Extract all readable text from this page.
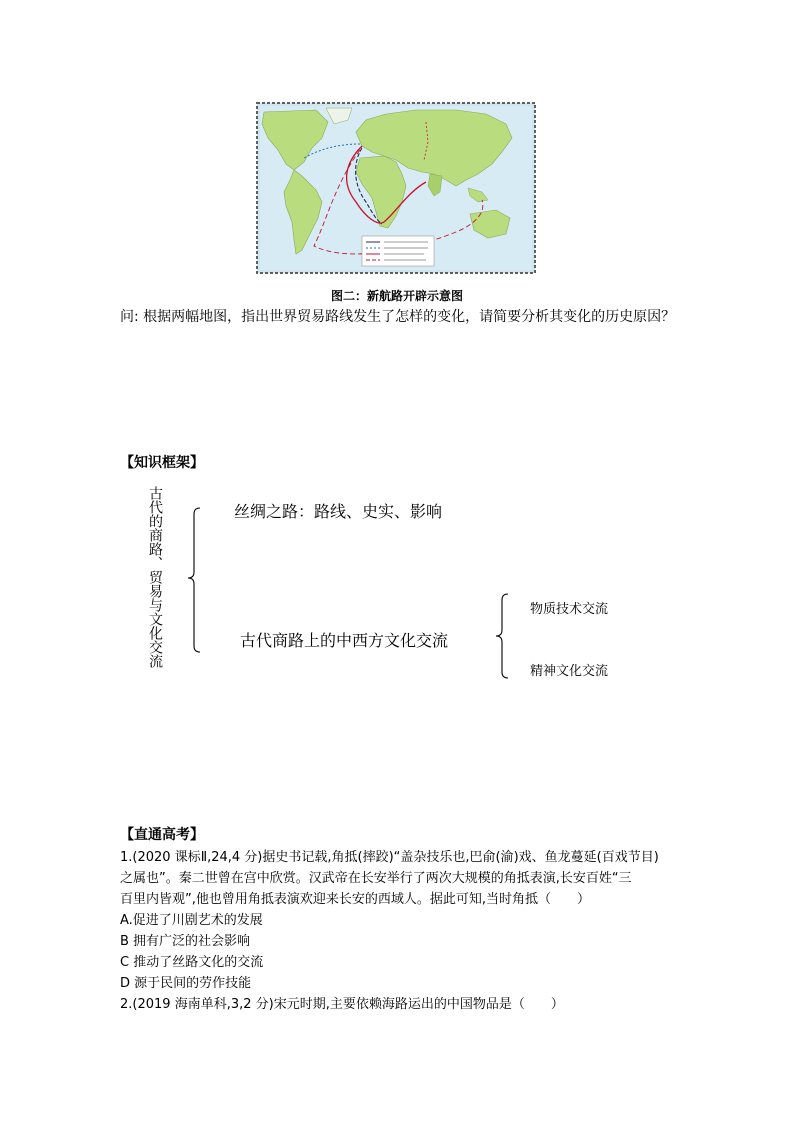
图二：新航路开辟示意图
问: 根据两幅地图，指出世界贸易路线发生了怎样的变化，请简要分析其变化的历史原因？
【知识框架】
古代的商路、贸易与文化交流	丝绸之路：路线、史实、影响
古代商路上的中西方文化交流
物质技术交流
精神文化交流
【直通高考】
1.(2020 课标Ⅱ,24,4 分)据史书记载,角抵(摔跤)“盖杂技乐也,巴俞(渝)戏、鱼龙蔓延(百戏节目)
之属也”。秦二世曾在宫中欣赏。汉武帝在长安举行了两次大规模的角抵表演,长安百姓“三
百里内皆观”,他也曾用角抵表演欢迎来长安的西域人。据此可知,当时角抵（　　）
A.促进了川剧艺术的发展
B 拥有广泛的社会影响
C 推动了丝路文化的交流
D 源于民间的劳作技能
2.(2019 海南单科,3,2 分)宋元时期,主要依赖海路运出的中国物品是（　　）
